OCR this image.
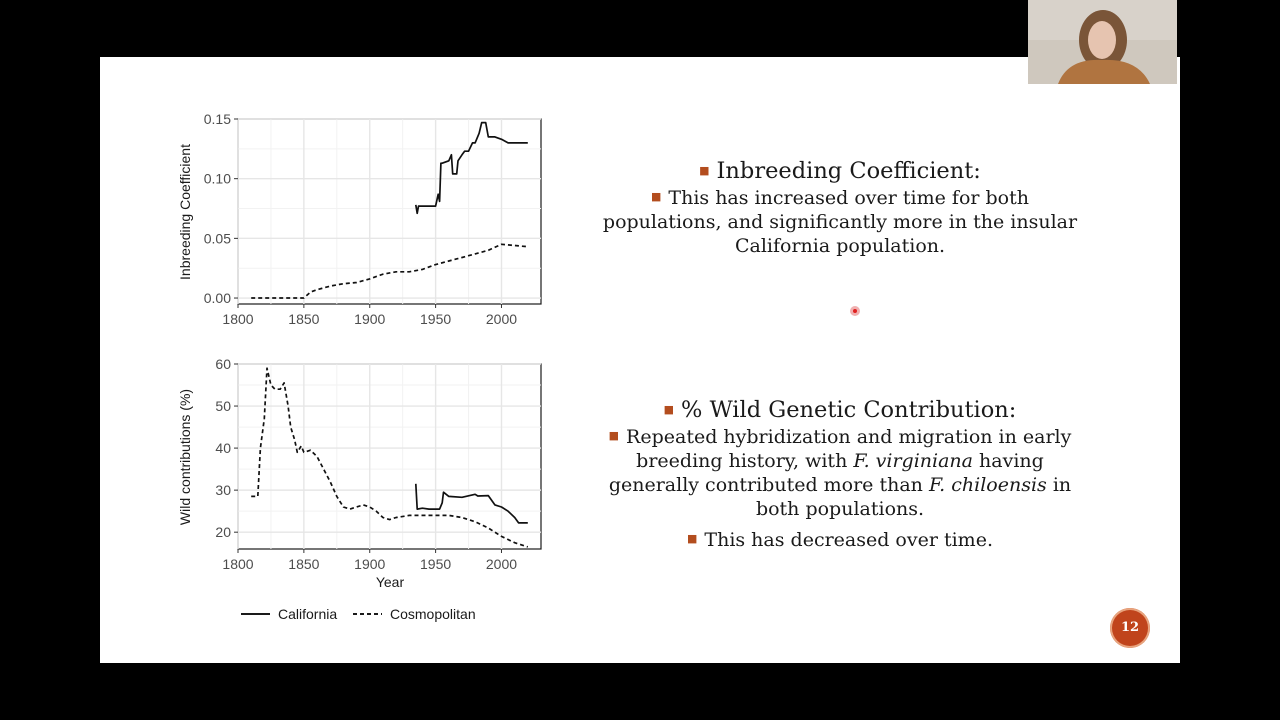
1800 1850 1900 1950 2000
0.00
0.05
0.10
0.15
Inbreeding Coefficient
1800 1850 1900 1950 2000
20
30
40
50
60
Wild contributions (%)
Year
California	Cosmopolitan
■ Inbreeding Coefficient:
■ This has increased over time for both populations, and significantly more in the insular California population.
■ % Wild Genetic Contribution:
■ Repeated hybridization and migration in early breeding history, with F. virginiana having generally contributed more than F. chiloensis in both populations.
■ This has decreased over time.
12
